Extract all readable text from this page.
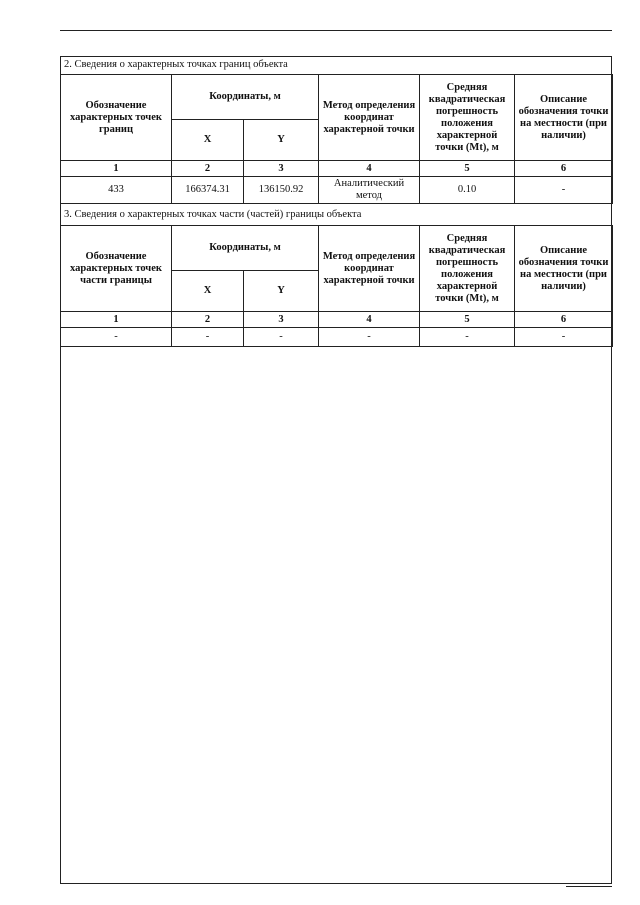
2. Сведения о характерных точках границ объекта
Обозначение характерных точек границ	Координаты, м		Метод определения координат характерной точки	Средняя квадратическая погрешность положения характерной точки (Mt), м	Описание обозначения точки на местности (при наличии)
	X	Y			
1	2	3	4	5	6
433	166374.31	136150.92	Аналитический метод	0.10	-
3. Сведения о характерных точках части (частей) границы объекта
Обозначение характерных точек части границы	Координаты, м		Метод определения координат характерной точки	Средняя квадратическая погрешность положения характерной точки (Mt), м	Описание обозначения точки на местности (при наличии)
	X	Y			
1	2	3	4	5	6
-	-	-	-	-	-
